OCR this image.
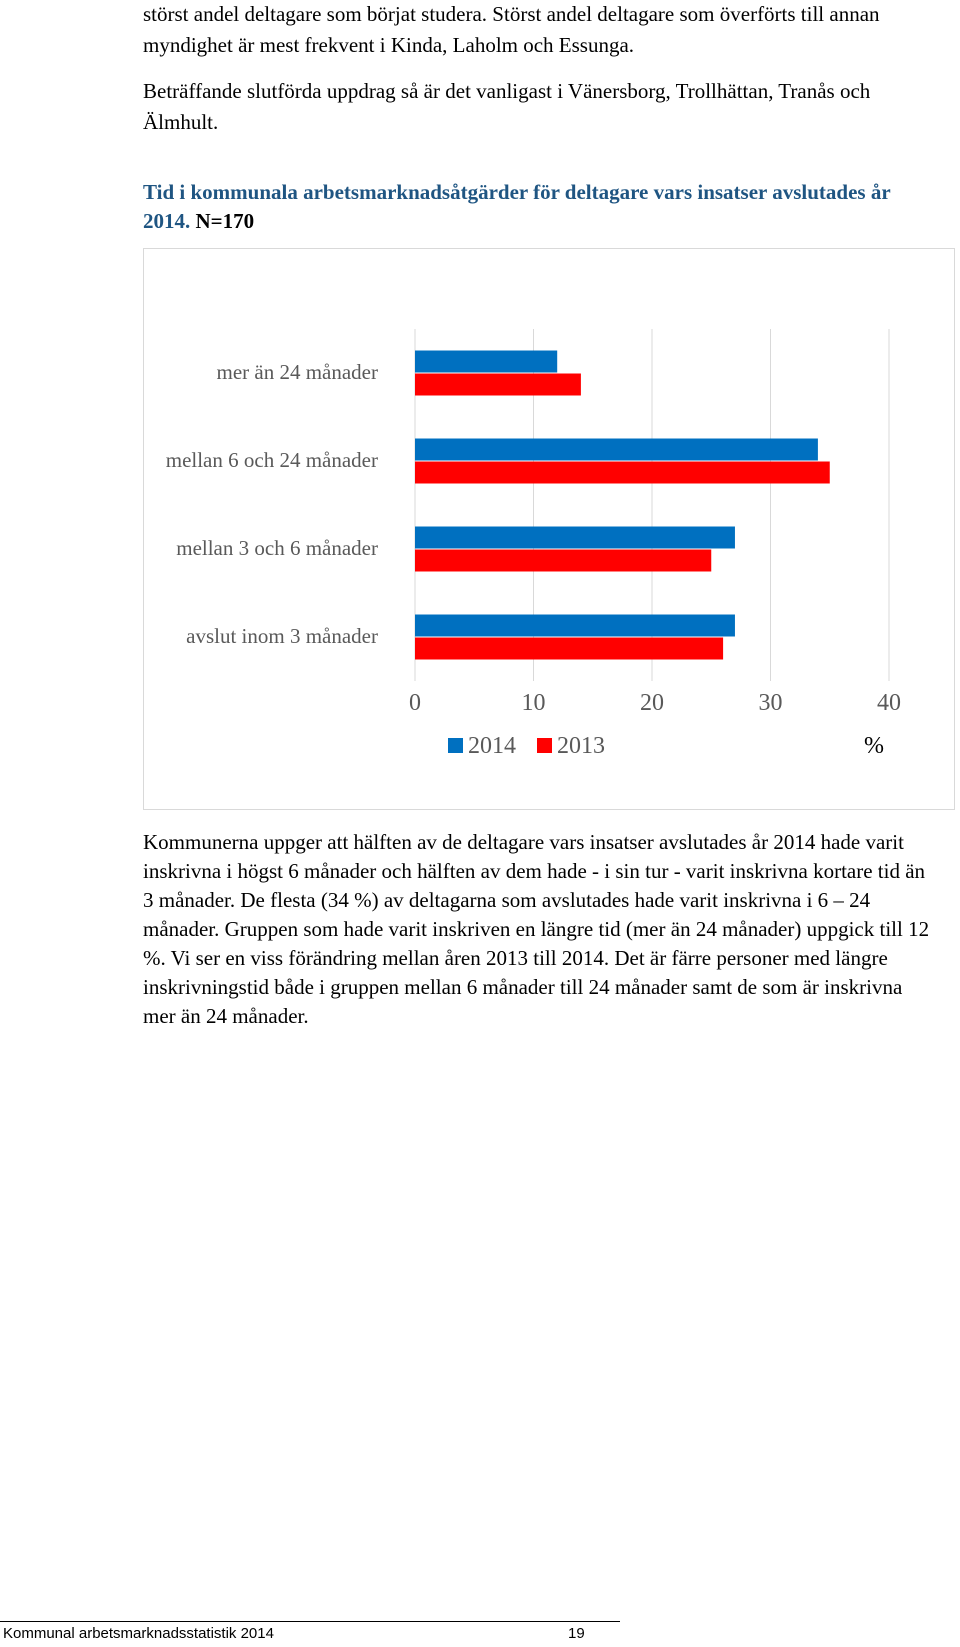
störst andel deltagare som börjat studera. Störst andel deltagare som överförts till annan myndighet är mest frekvent i Kinda, Laholm och Essunga.

Beträffande slutförda uppdrag så är det vanligast i Vänersborg, Trollhättan, Tranås och Älmhult.

Tid i kommunala arbetsmarknadsåtgärder för deltagare vars insatser avslutades år 2014. N=170

mer än 24 månader
mellan 6 och 24 månader
mellan 3 och 6 månader
avslut inom 3 månader
0	10	20	30	40
2014 2013	%

Kommunerna uppger att hälften av de deltagare vars insatser avslutades år 2014 hade varit inskrivna i högst 6 månader och hälften av dem hade - i sin tur - varit inskrivna kortare tid än 3 månader. De flesta (34 %) av deltagarna som avslutades hade varit inskrivna i 6 – 24 månader. Gruppen som hade varit inskriven en längre tid (mer än 24 månader) uppgick till 12 %. Vi ser en viss förändring mellan åren 2013 till 2014. Det är färre personer med längre inskrivningstid både i gruppen mellan 6 månader till 24 månader samt de som är inskrivna mer än 24 månader.

Kommunal arbetsmarknadsstatistik 2014	19
